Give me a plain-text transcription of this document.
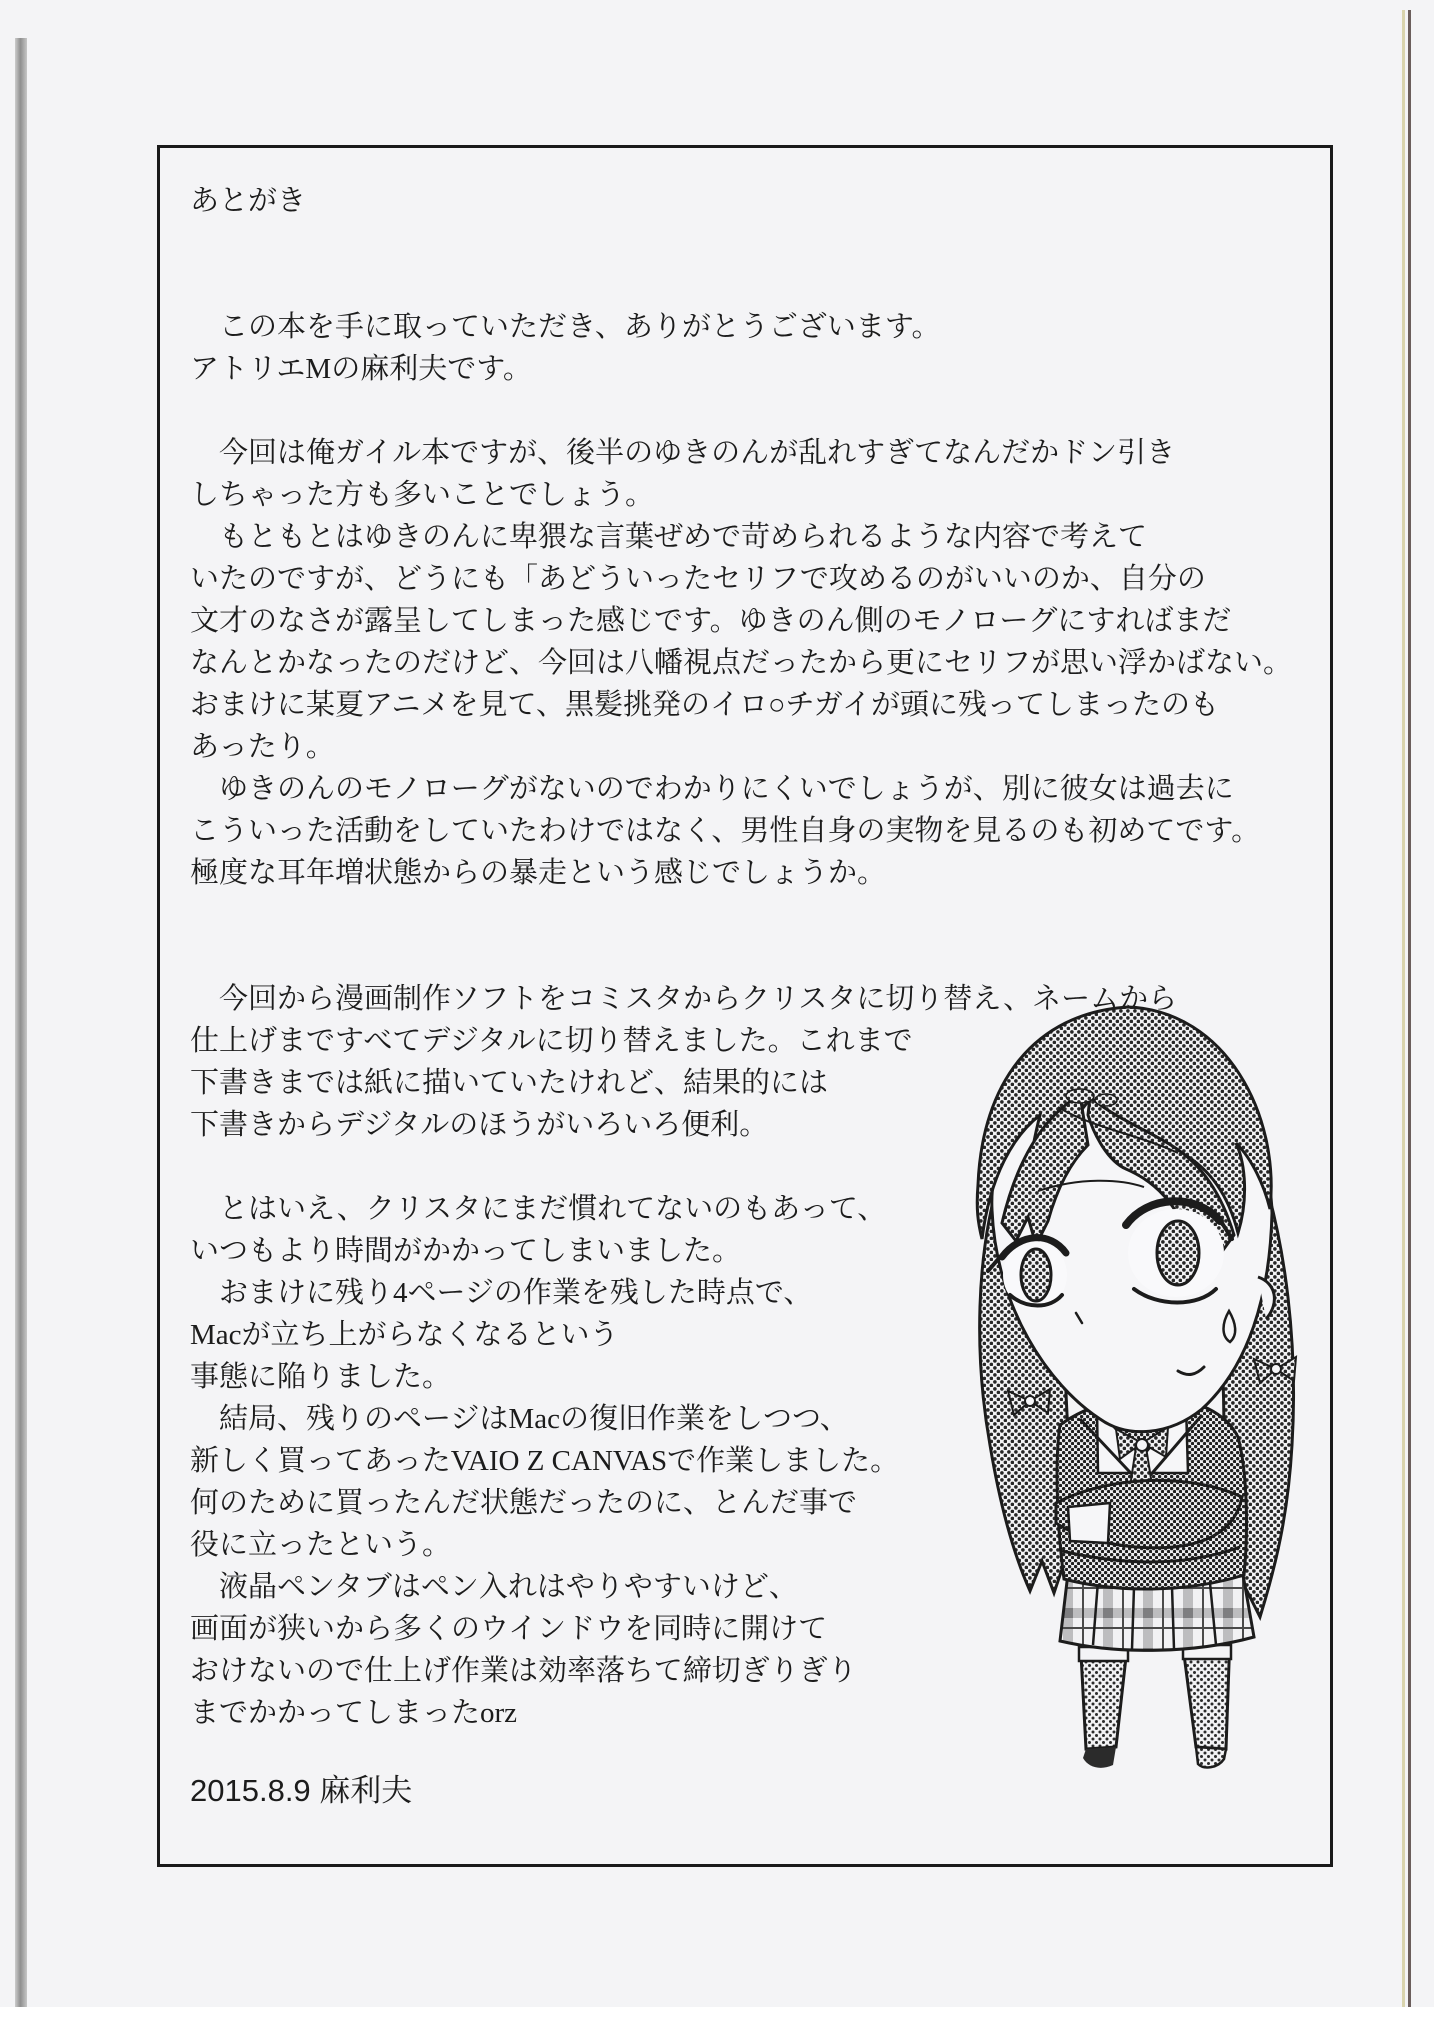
あとがき
　この本を手に取っていただき、ありがとうございます。
アトリエMの麻利夫です。
　今回は俺ガイル本ですが、後半のゆきのんが乱れすぎてなんだかドン引き
しちゃった方も多いことでしょう。
　もともとはゆきのんに卑猥な言葉ぜめで苛められるような内容で考えて
いたのですが、どうにも「あどういったセリフで攻めるのがいいのか、自分の
文才のなさが露呈してしまった感じです。ゆきのん側のモノローグにすればまだ
なんとかなったのだけど、今回は八幡視点だったから更にセリフが思い浮かばない。
おまけに某夏アニメを見て、黒髪挑発のイロ○チガイが頭に残ってしまったのも
あったり。
　ゆきのんのモノローグがないのでわかりにくいでしょうが、別に彼女は過去に
こういった活動をしていたわけではなく、男性自身の実物を見るのも初めてです。
極度な耳年増状態からの暴走という感じでしょうか。
　今回から漫画制作ソフトをコミスタからクリスタに切り替え、ネームから
仕上げまですべてデジタルに切り替えました。これまで
下書きまでは紙に描いていたけれど、結果的には
下書きからデジタルのほうがいろいろ便利。
　とはいえ、クリスタにまだ慣れてないのもあって、
いつもより時間がかかってしまいました。
　おまけに残り4ページの作業を残した時点で、
Macが立ち上がらなくなるという
事態に陥りました。
　結局、残りのページはMacの復旧作業をしつつ、
新しく買ってあったVAIO Z CANVASで作業しました。
何のために買ったんだ状態だったのに、とんだ事で
役に立ったという。
　液晶ペンタブはペン入れはやりやすいけど、
画面が狭いから多くのウインドウを同時に開けて
おけないので仕上げ作業は効率落ちて締切ぎりぎり
までかかってしまったorz
2015.8.9 麻利夫
